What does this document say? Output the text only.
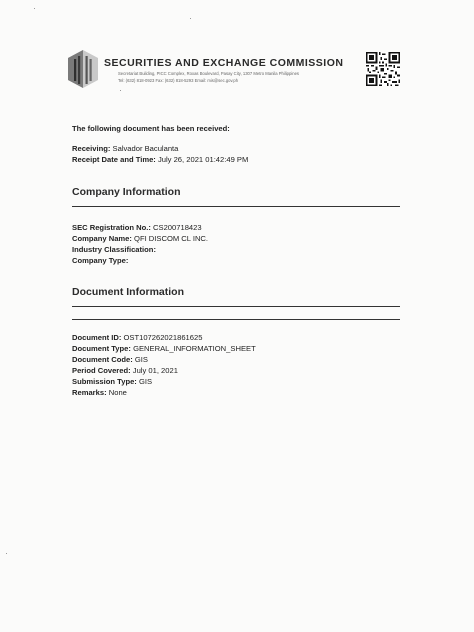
SECURITIES AND EXCHANGE COMMISSION
Secretariat Building, PICC Complex, Roxas Boulevard, Pasay City, 1307 Metro Manila Philippines
Tel: (632) 818-0923 Fax: (632) 818-5293 Email: mis@sec.gov.ph
The following document has been received:
Receiving: Salvador Baculanta
Receipt Date and Time: July 26, 2021 01:42:49 PM
Company Information
SEC Registration No.: CS200718423
Company Name: QFI DISCOM CL INC.
Industry Classification:
Company Type:
Document Information
Document ID: OST107262021861625
Document Type: GENERAL_INFORMATION_SHEET
Document Code: GIS
Period Covered: July 01, 2021
Submission Type: GIS
Remarks: None
